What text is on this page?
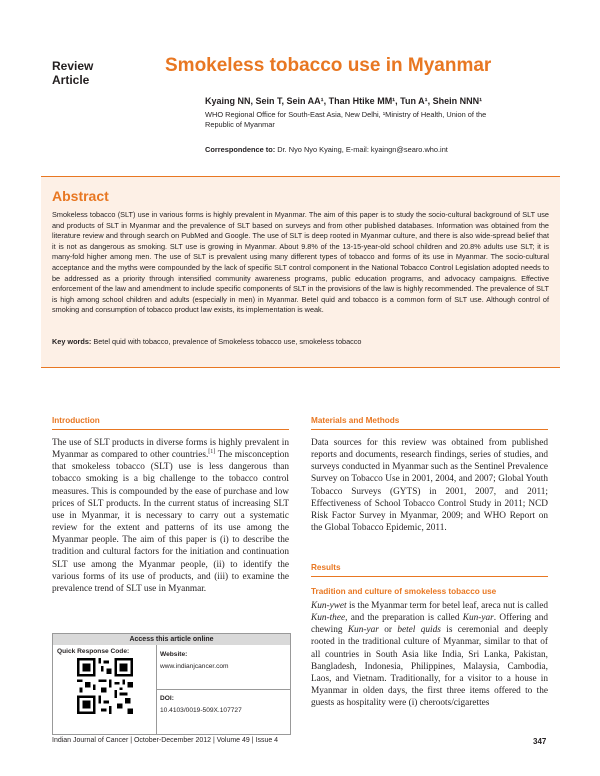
Review
Article
Smokeless tobacco use in Myanmar
Kyaing NN, Sein T, Sein AA¹, Than Htike MM¹, Tun A¹, Shein NNN¹
WHO Regional Office for South-East Asia, New Delhi, ¹Ministry of Health, Union of the Republic of Myanmar
Correspondence to: Dr. Nyo Nyo Kyaing, E-mail: kyaingn@searo.who.int
Abstract
Smokeless tobacco (SLT) use in various forms is highly prevalent in Myanmar. The aim of this paper is to study the socio-cultural background of SLT use and products of SLT in Myanmar and the prevalence of SLT based on surveys and from other published databases. Information was obtained from the literature review and through search on PubMed and Google. The use of SLT is deep rooted in Myanmar culture, and there is also wide-spread belief that it is not as dangerous as smoking. SLT use is growing in Myanmar. About 9.8% of the 13-15-year-old school children and 20.8% adults use SLT; it is many-fold higher among men. The use of SLT is prevalent using many different types of tobacco and forms of its use in Myanmar. The socio-cultural acceptance and the myths were compounded by the lack of specific SLT control component in the National Tobacco Control Legislation adopted needs to be addressed as a priority through intensified community awareness programs, public education programs, and advocacy campaigns. Effective enforcement of the law and amendment to include specific components of SLT in the provisions of the law is highly recommended. The prevalence of SLT is high among school children and adults (especially in men) in Myanmar. Betel quid and tobacco is a common form of SLT use. Although control of smoking and consumption of tobacco product law exists, its implementation is weak.
Key words: Betel quid with tobacco, prevalence of Smokeless tobacco use, smokeless tobacco
Introduction
The use of SLT products in diverse forms is highly prevalent in Myanmar as compared to other countries.[1] The misconception that smokeless tobacco (SLT) use is less dangerous than tobacco smoking is a big challenge to the tobacco control measures. This is compounded by the ease of purchase and low prices of SLT products. In the current status of increasing SLT use in Myanmar, it is necessary to carry out a systematic review for the extent and patterns of its use among the Myanmar people. The aim of this paper is (i) to describe the tradition and cultural factors for the initiation and continuation SLT use among the Myanmar people, (ii) to identify the various forms of its use of products, and (iii) to examine the prevalence trend of SLT use in Myanmar.
Access this article online
Quick Response Code:	Website:
www.indianjcancer.com
DOI:
10.4103/0019-509X.107727
Materials and Methods
Data sources for this review was obtained from published reports and documents, research findings, series of studies, and surveys conducted in Myanmar such as the Sentinel Prevalence Survey on Tobacco Use in 2001, 2004, and 2007; Global Youth Tobacco Surveys (GYTS) in 2001, 2007, and 2011; Effectiveness of School Tobacco Control Study in 2011; NCD Risk Factor Survey in Myanmar, 2009; and WHO Report on the Global Tobacco Epidemic, 2011.
Results
Tradition and culture of smokeless tobacco use
Kun-ywet is the Myanmar term for betel leaf, areca nut is called Kun-thee, and the preparation is called Kun-yar. Offering and chewing Kun-yar or betel quids is ceremonial and deeply rooted in the traditional culture of Myanmar, similar to that of all countries in South Asia like India, Sri Lanka, Pakistan, Bangladesh, Indonesia, Philippines, Malaysia, Cambodia, Laos, and Vietnam. Traditionally, for a visitor to a house in Myanmar in olden days, the first three items offered to the guests as hospitality were (i) cheroots/cigarettes
Indian Journal of Cancer | October-December 2012 | Volume 49 | Issue 4	347
